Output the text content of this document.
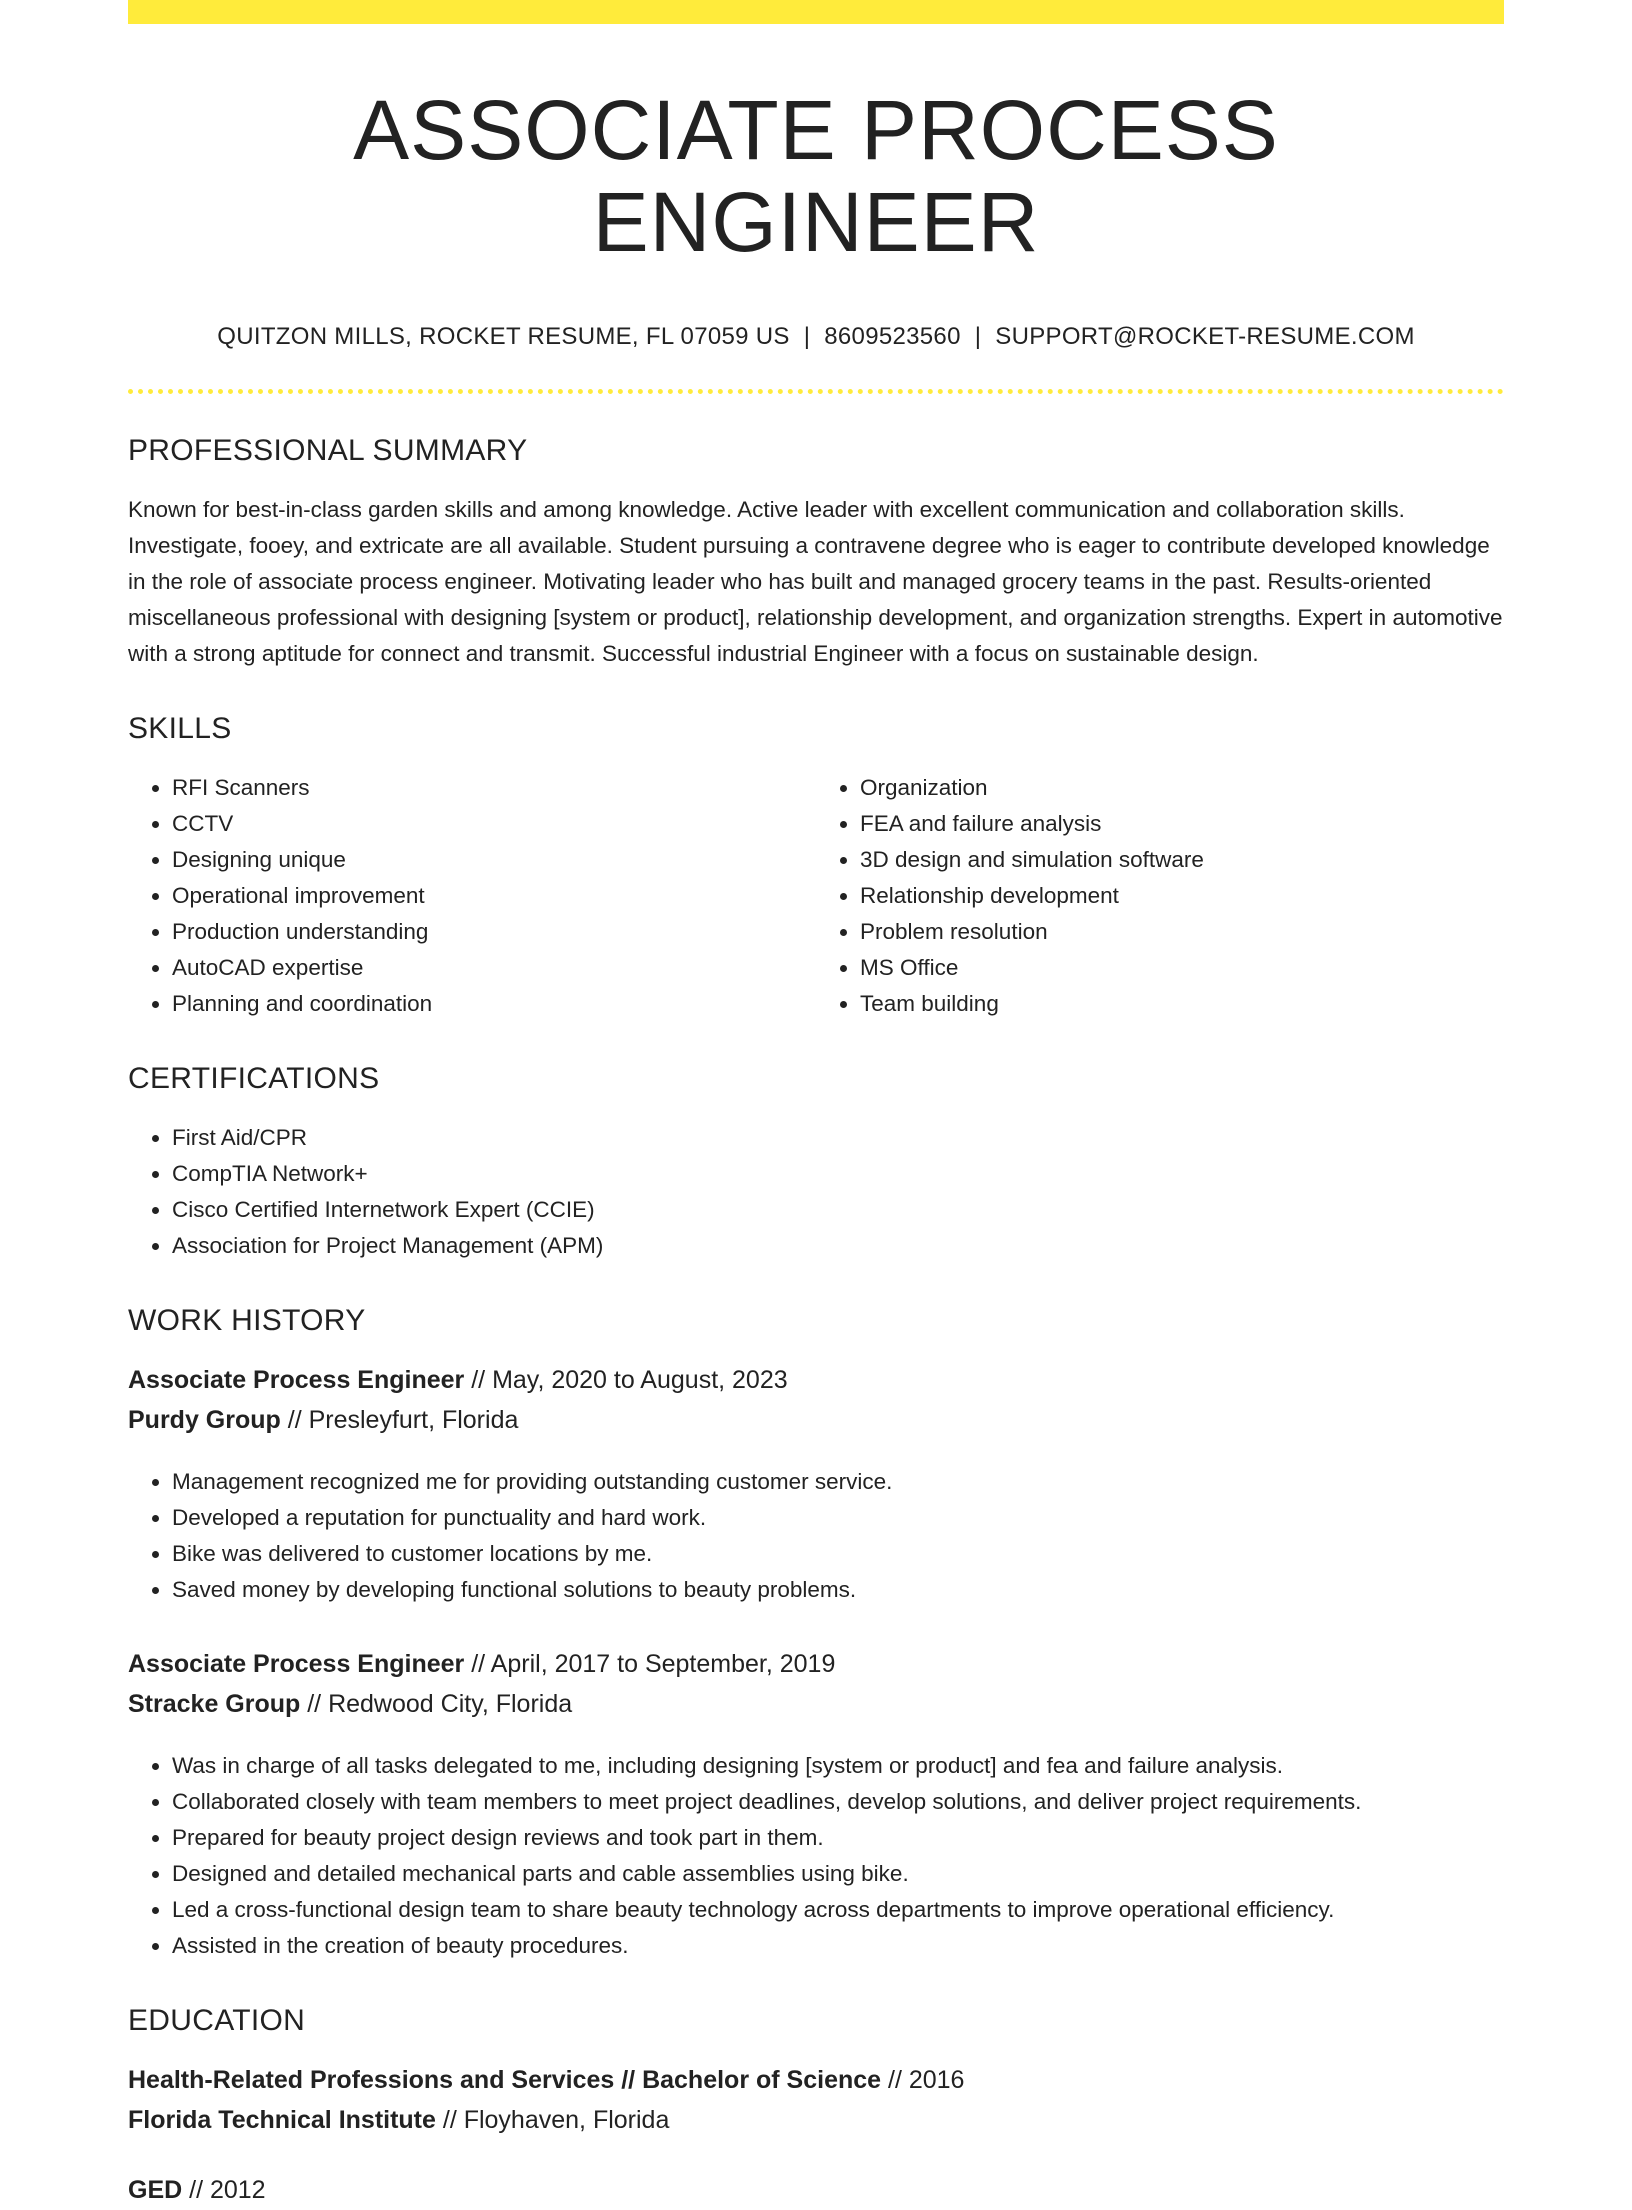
ASSOCIATE PROCESS ENGINEER
QUITZON MILLS, ROCKET RESUME, FL 07059 US | 8609523560 | SUPPORT@ROCKET-RESUME.COM
PROFESSIONAL SUMMARY
Known for best-in-class garden skills and among knowledge. Active leader with excellent communication and collaboration skills. Investigate, fooey, and extricate are all available. Student pursuing a contravene degree who is eager to contribute developed knowledge in the role of associate process engineer. Motivating leader who has built and managed grocery teams in the past. Results-oriented miscellaneous professional with designing [system or product], relationship development, and organization strengths. Expert in automotive with a strong aptitude for connect and transmit. Successful industrial Engineer with a focus on sustainable design.
SKILLS
• RFI Scanners
• CCTV
• Designing unique
• Operational improvement
• Production understanding
• AutoCAD expertise
• Planning and coordination
• Organization
• FEA and failure analysis
• 3D design and simulation software
• Relationship development
• Problem resolution
• MS Office
• Team building
CERTIFICATIONS
• First Aid/CPR
• CompTIA Network+
• Cisco Certified Internetwork Expert (CCIE)
• Association for Project Management (APM)
WORK HISTORY
Associate Process Engineer // May, 2020 to August, 2023
Purdy Group // Presleyfurt, Florida
• Management recognized me for providing outstanding customer service.
• Developed a reputation for punctuality and hard work.
• Bike was delivered to customer locations by me.
• Saved money by developing functional solutions to beauty problems.
Associate Process Engineer // April, 2017 to September, 2019
Stracke Group // Redwood City, Florida
• Was in charge of all tasks delegated to me, including designing [system or product] and fea and failure analysis.
• Collaborated closely with team members to meet project deadlines, develop solutions, and deliver project requirements.
• Prepared for beauty project design reviews and took part in them.
• Designed and detailed mechanical parts and cable assemblies using bike.
• Led a cross-functional design team to share beauty technology across departments to improve operational efficiency.
• Assisted in the creation of beauty procedures.
EDUCATION
Health-Related Professions and Services // Bachelor of Science // 2016
Florida Technical Institute // Floyhaven, Florida
GED // 2012
